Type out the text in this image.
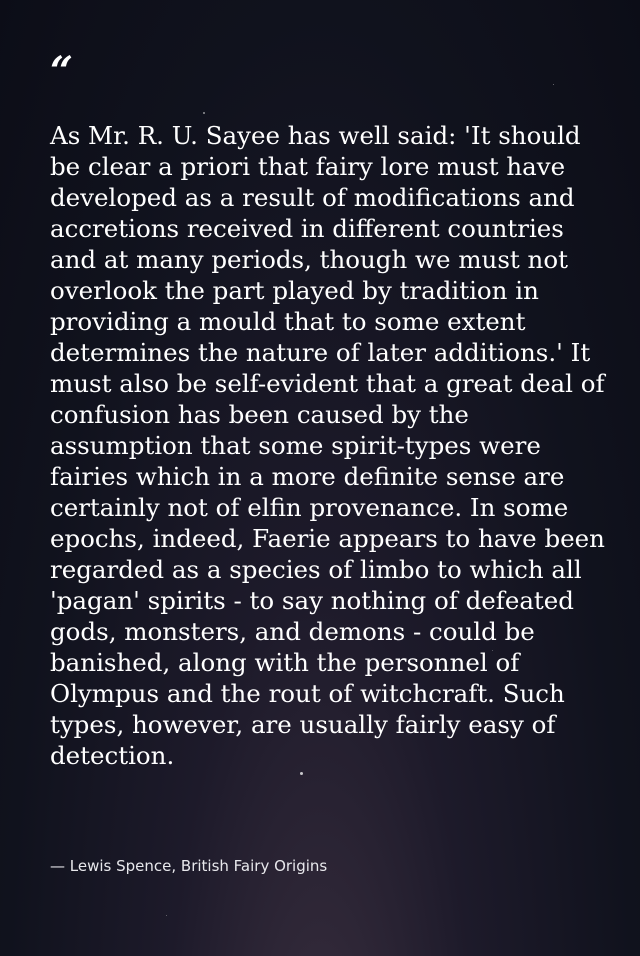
“

As Mr. R. U. Sayee has well said: 'It should be clear a priori that fairy lore must have developed as a result of modifications and accretions received in different countries and at many periods, though we must not overlook the part played by tradition in providing a mould that to some extent determines the nature of later additions.' It must also be self-evident that a great deal of confusion has been caused by the assumption that some spirit-types were fairies which in a more definite sense are certainly not of elfin provenance. In some epochs, indeed, Faerie appears to have been regarded as a species of limbo to which all 'pagan' spirits - to say nothing of defeated gods, monsters, and demons - could be banished, along with the personnel of Olympus and the rout of witchcraft. Such types, however, are usually fairly easy of detection.

— Lewis Spence, British Fairy Origins
